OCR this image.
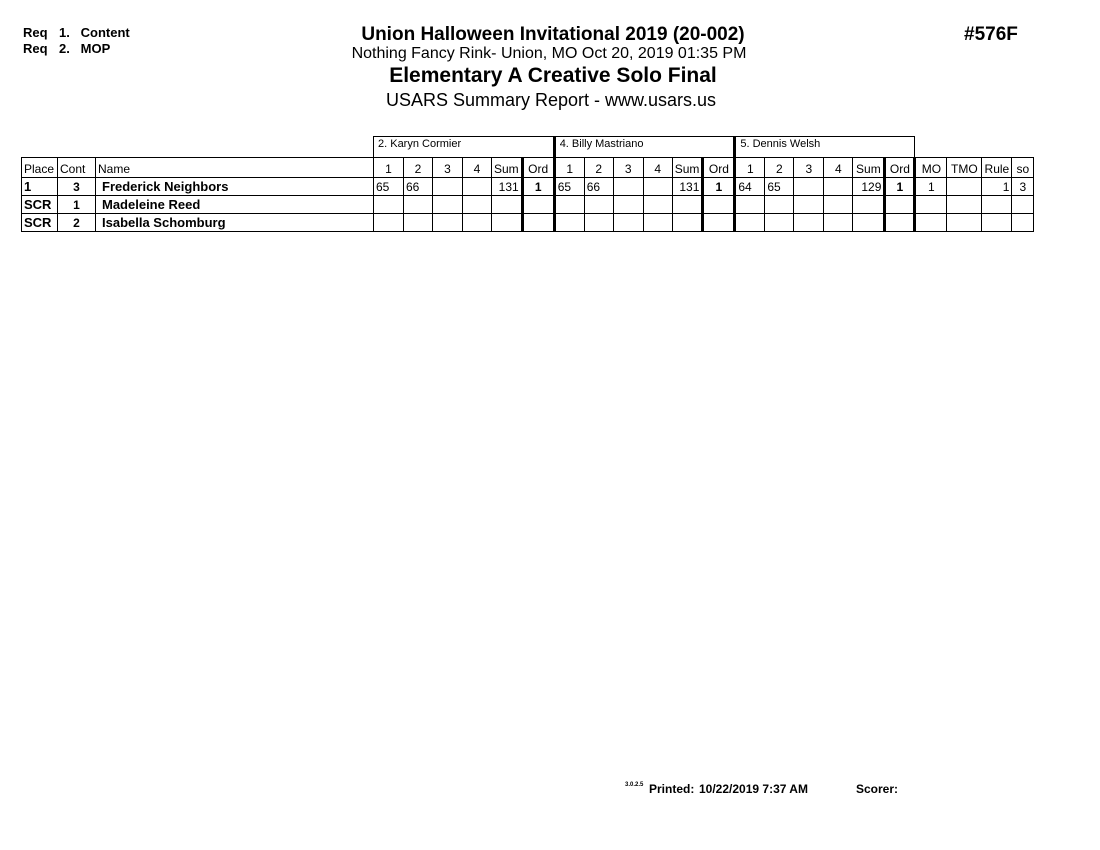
Req 1. Content
Req 2. MOP
Union Halloween Invitational 2019 (20-002)
Nothing Fancy Rink- Union, MO Oct 20, 2019 01:35 PM
Elementary A Creative Solo Final
USARS Summary Report - www.usars.us
#576F
			2. Karyn Cormier						4. Billy Mastriano						5. Dennis Welsh									
Place	Cont	Name	1	2	3	4	Sum	Ord	1	2	3	4	Sum	Ord	1	2	3	4	Sum	Ord	MO	TMO	Rule	so
1	3	Frederick Neighbors	65	66			131	1	65	66			131	1	64	65			129	1	1		1	3
SCR	1	Madeleine Reed																						
SCR	2	Isabella Schomburg																						
3.0.2.5 Printed: 10/22/2019 7:37 AM	Scorer:
